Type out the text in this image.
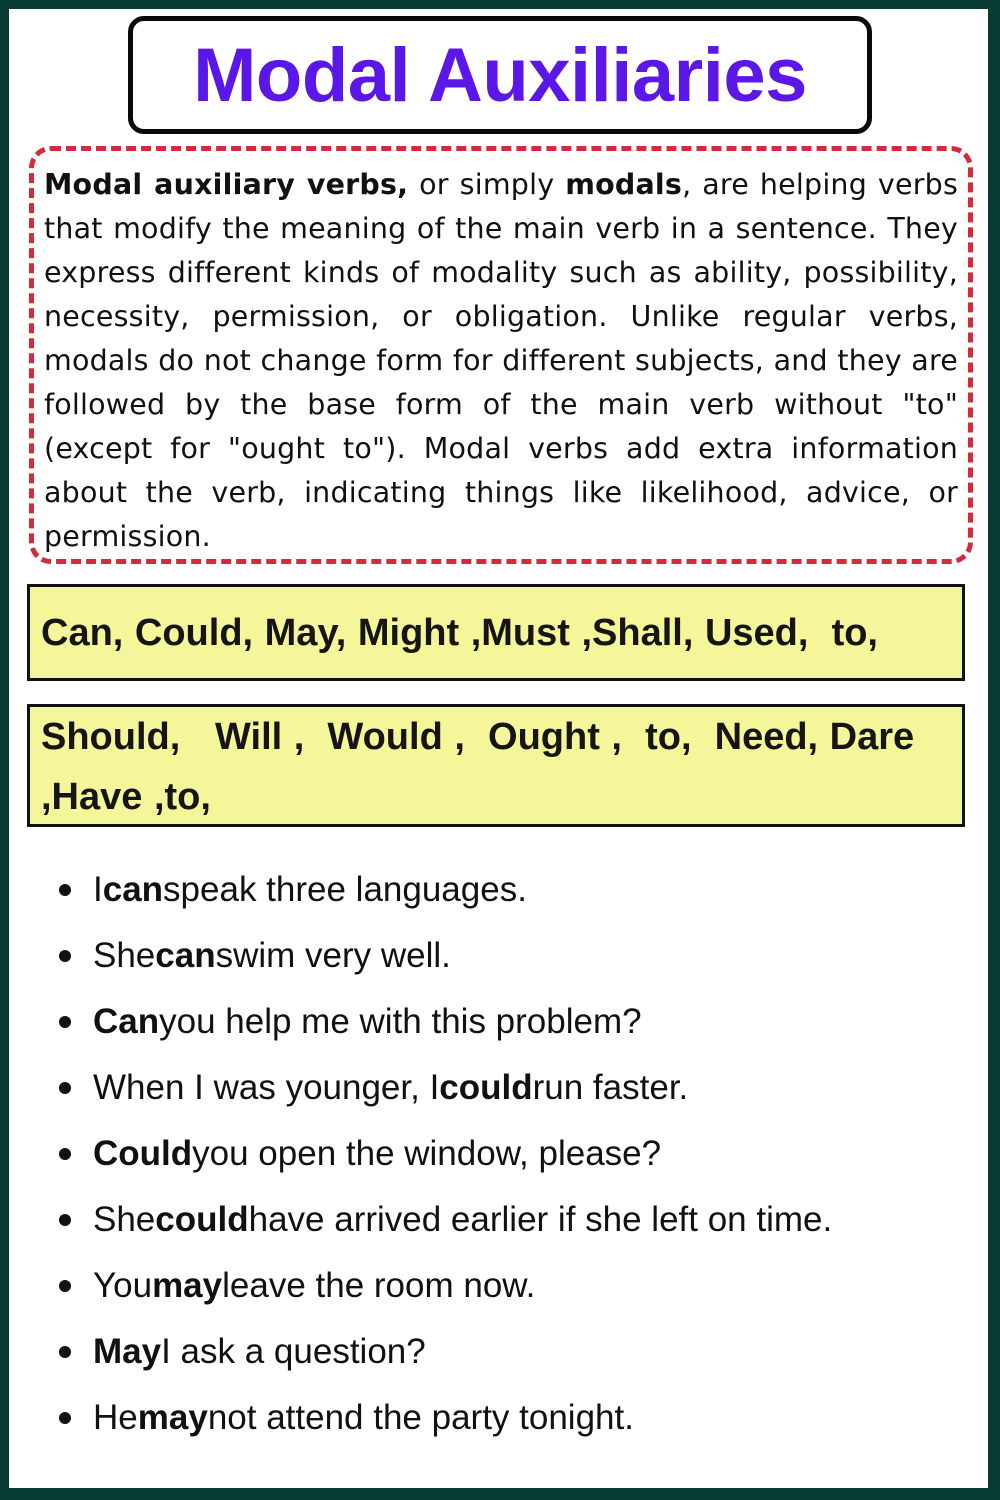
Modal Auxiliaries

Modal auxiliary verbs, or simply modals, are helping verbs that modify the meaning of the main verb in a sentence. They express different kinds of modality such as ability, possibility, necessity, permission, or obligation. Unlike regular verbs, modals do not change form for different subjects, and they are followed by the base form of the main verb without "to" (except for "ought to"). Modal verbs add extra information about the verb, indicating things like likelihood, advice, or permission.

Can, Could, May, Might ,Must ,Shall, Used,  to,
Should,   Will ,  Would ,  Ought ,  to,  Need, Dare ,Have ,to,
I can speak three languages.
She can swim very well.
Can you help me with this problem?
When I was younger, I could run faster.
Could you open the window, please?
She could have arrived earlier if she left on time.
You may leave the room now.
May I ask a question?
He may not attend the party tonight.
